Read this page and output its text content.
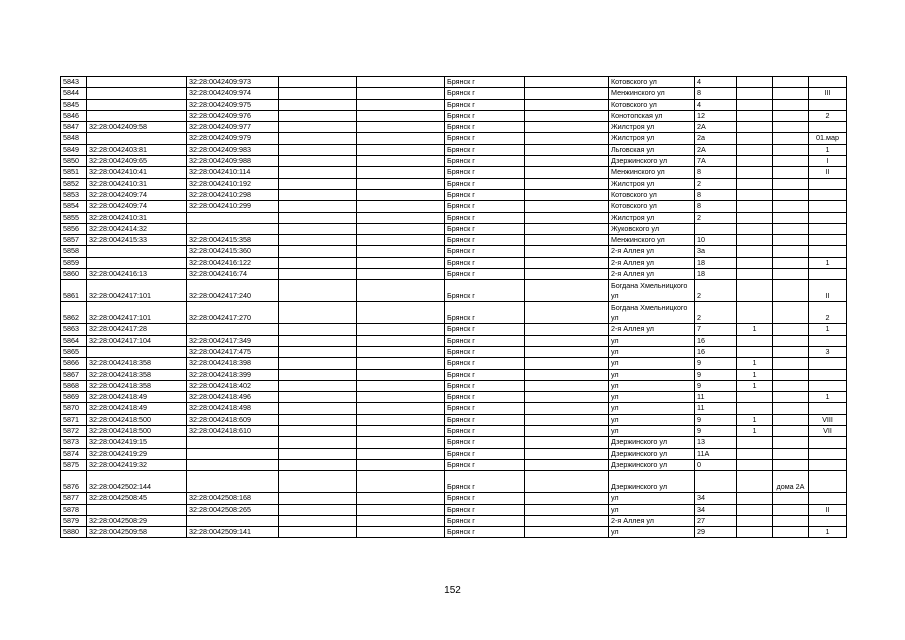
5843		32:28:0042409:973			Брянск г		Котовского ул	4			
5844		32:28:0042409:974			Брянск г		Менжинского ул	8			III
5845		32:28:0042409:975			Брянск г		Котовского ул	4			
5846		32:28:0042409:976			Брянск г		Конотопская ул	12			2
5847	32:28:0042409:58	32:28:0042409:977			Брянск г		Жилстроя ул	2А			
5848		32:28:0042409:979			Брянск г		Жилстроя ул	2а			01.мар
5849	32:28:0042403:81	32:28:0042409:983			Брянск г		Льговская ул	2А			1
5850	32:28:0042409:65	32:28:0042409:988			Брянск г		Дзержинского ул	7А			I
5851	32:28:0042410:41	32:28:0042410:114			Брянск г		Менжинского ул	8			II
5852	32:28:0042410:31	32:28:0042410:192			Брянск г		Жилстроя ул	2			
5853	32:28:0042409:74	32:28:0042410:298			Брянск г		Котовского ул	8			
5854	32:28:0042409:74	32:28:0042410:299			Брянск г		Котовского ул	8			
5855	32:28:0042410:31				Брянск г		Жилстроя ул	2			
5856	32:28:0042414:32				Брянск г		Жуковского ул				
5857	32:28:0042415:33	32:28:0042415:358			Брянск г		Менжинского ул	10			
5858		32:28:0042415:360			Брянск г		2-я Аллея ул	3а			
5859		32:28:0042416:122			Брянск г		2-я Аллея ул	18			1
5860	32:28:0042416:13	32:28:0042416:74			Брянск г		2-я Аллея ул	18			
5861	32:28:0042417:101	32:28:0042417:240			Брянск г		Богдана Хмельницкого ул	2			II
5862	32:28:0042417:101	32:28:0042417:270			Брянск г		Богдана Хмельницкого ул	2			2
5863	32:28:0042417:28				Брянск г		2-я Аллея ул	7	1		1
5864	32:28:0042417:104	32:28:0042417:349			Брянск г		ул	16			
5865		32:28:0042417:475			Брянск г		ул	16			3
5866	32:28:0042418:358	32:28:0042418:398			Брянск г		ул	9	1		
5867	32:28:0042418:358	32:28:0042418:399			Брянск г		ул	9	1		
5868	32:28:0042418:358	32:28:0042418:402			Брянск г		ул	9	1		
5869	32:28:0042418:49	32:28:0042418:496			Брянск г		ул	11			1
5870	32:28:0042418:49	32:28:0042418:498			Брянск г		ул	11			
5871	32:28:0042418:500	32:28:0042418:609			Брянск г		ул	9	1		VIII
5872	32:28:0042418:500	32:28:0042418:610			Брянск г		ул	9	1		VII
5873	32:28:0042419:15				Брянск г		Дзержинского ул	13			
5874	32:28:0042419:29				Брянск г		Дзержинского ул	11А			
5875	32:28:0042419:32				Брянск г		Дзержинского ул	0			
5876	32:28:0042502:144				Брянск г		Дзержинского ул			дома 2А	
5877	32:28:0042508:45	32:28:0042508:168			Брянск г		ул	34			
5878		32:28:0042508:265			Брянск г		ул	34			II
5879	32:28:0042508:29				Брянск г		2-я Аллея ул	27			
5880	32:28:0042509:58	32:28:0042509:141			Брянск г		ул	29			1
152
